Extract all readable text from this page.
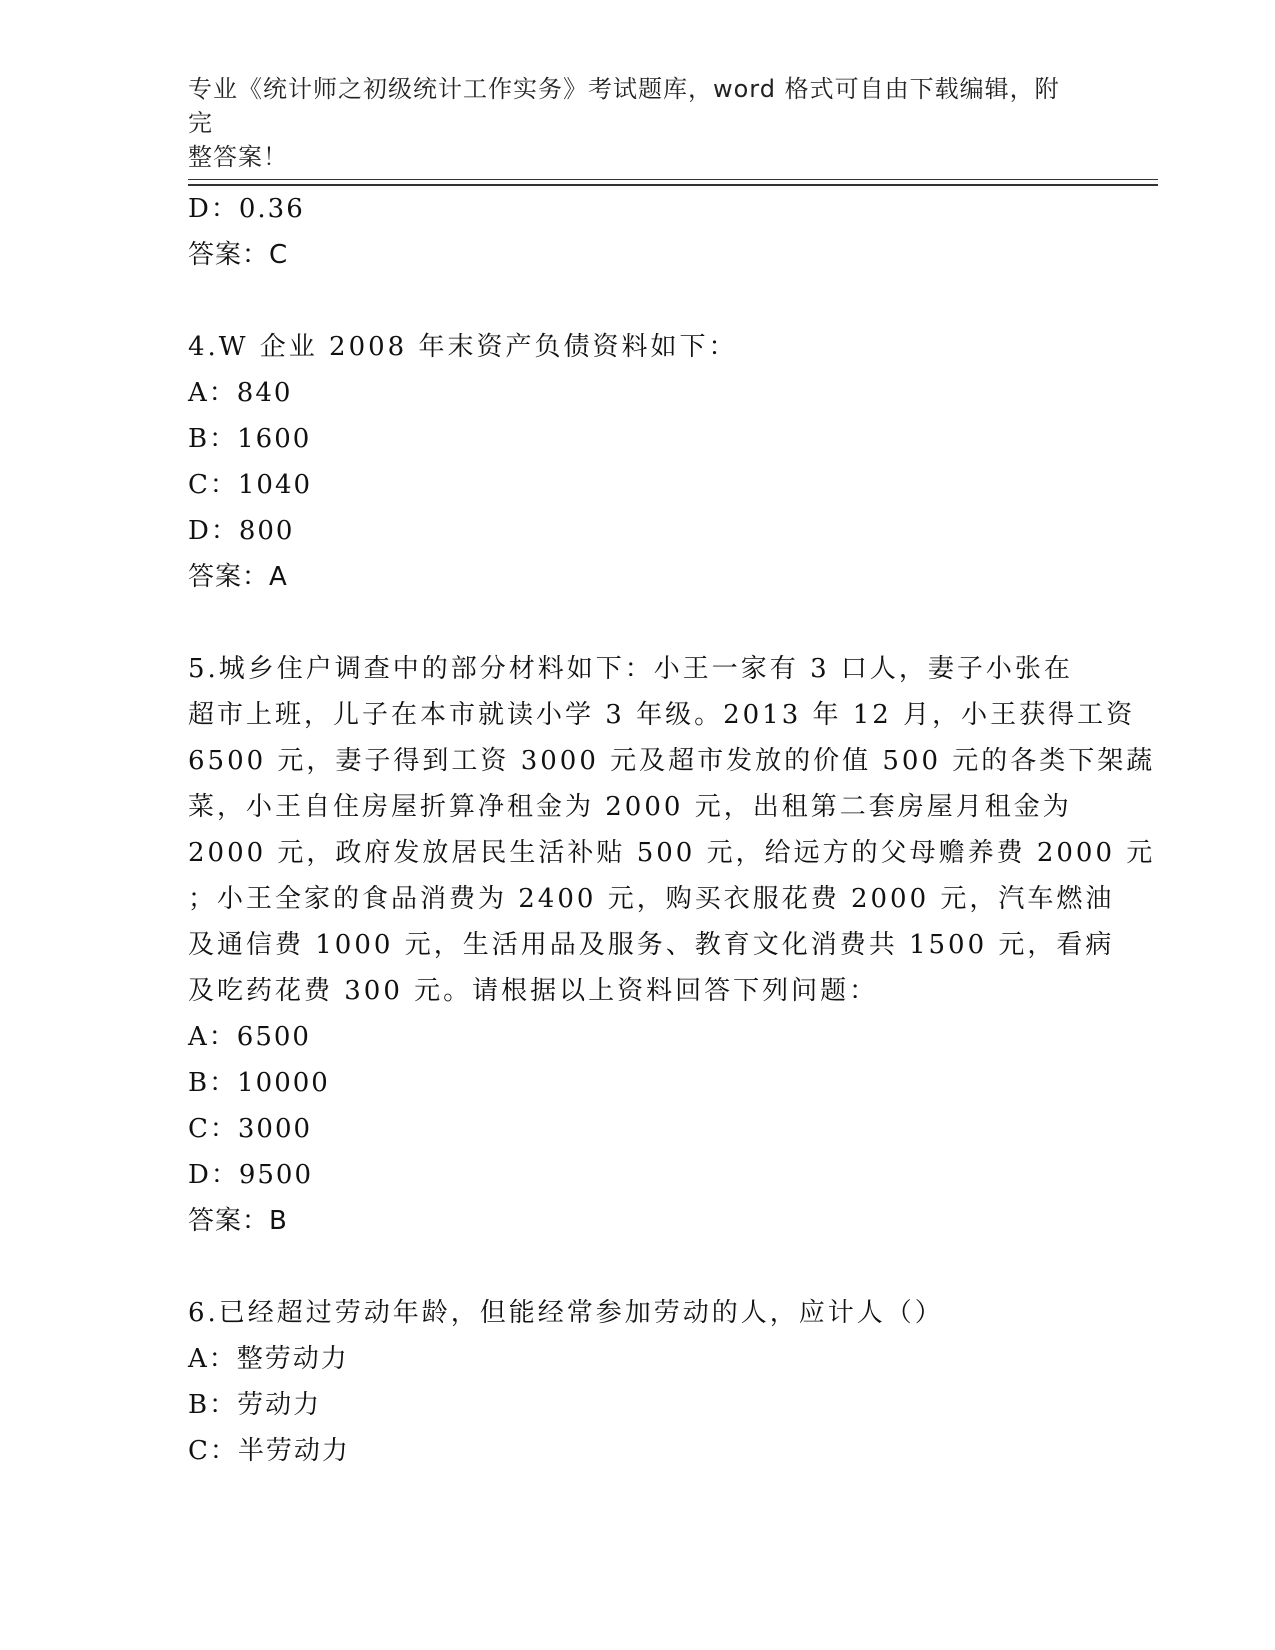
专业《统计师之初级统计工作实务》考试题库，word 格式可自由下载编辑，附完
整答案！
D：0.36
答案：C
4.W 企业 2008 年末资产负债资料如下：
A：840
B：1600
C：1040
D：800
答案：A
5.城乡住户调查中的部分材料如下：小王一家有 3 口人，妻子小张在
超市上班，儿子在本市就读小学 3 年级。2013 年 12 月，小王获得工资
6500 元，妻子得到工资 3000 元及超市发放的价值 500 元的各类下架蔬
菜，小王自住房屋折算净租金为 2000 元，出租第二套房屋月租金为
2000 元，政府发放居民生活补贴 500 元，给远方的父母赡养费 2000 元
；小王全家的食品消费为 2400 元，购买衣服花费 2000 元，汽车燃油
及通信费 1000 元，生活用品及服务、教育文化消费共 1500 元，看病
及吃药花费 300 元。请根据以上资料回答下列问题：
A：6500
B：10000
C：3000
D：9500
答案：B
6.已经超过劳动年龄，但能经常参加劳动的人，应计人（）
A：整劳动力
B：劳动力
C：半劳动力
